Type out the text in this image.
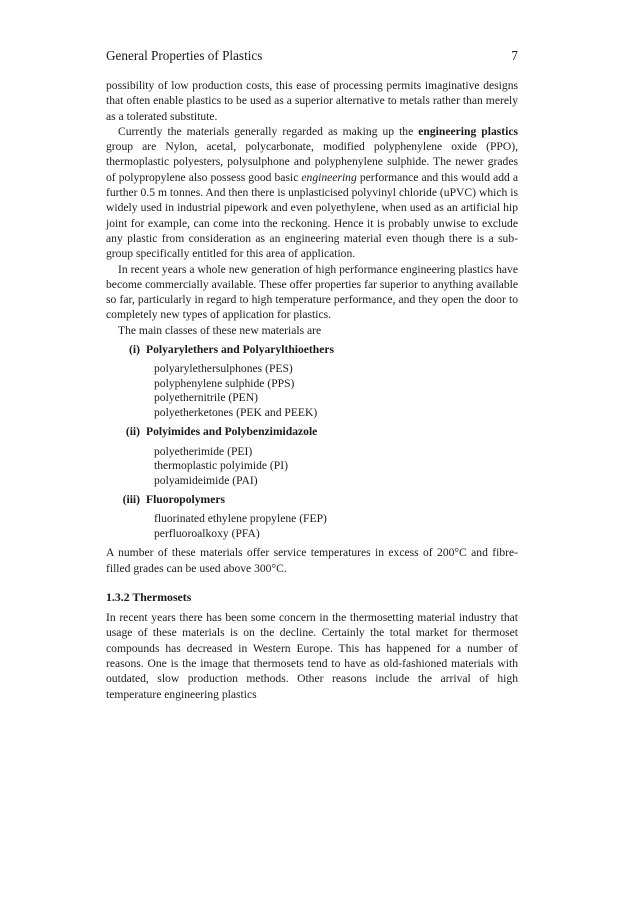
General Properties of Plastics	7

possibility of low production costs, this ease of processing permits imaginative designs that often enable plastics to be used as a superior alternative to metals rather than merely as a tolerated substitute.

Currently the materials generally regarded as making up the engineering plastics group are Nylon, acetal, polycarbonate, modified polyphenylene oxide (PPO), thermoplastic polyesters, polysulphone and polyphenylene sulphide. The newer grades of polypropylene also possess good basic engineering performance and this would add a further 0.5 m tonnes. And then there is unplasticised polyvinyl chloride (uPVC) which is widely used in industrial pipework and even polyethylene, when used as an artificial hip joint for example, can come into the reckoning. Hence it is probably unwise to exclude any plastic from consideration as an engineering material even though there is a sub-group specifically entitled for this area of application.

In recent years a whole new generation of high performance engineering plastics have become commercially available. These offer properties far superior to anything available so far, particularly in regard to high temperature performance, and they open the door to completely new types of application for plastics.

The main classes of these new materials are
(i) Polyarylethers and Polyarylthioethers
polyarylethersulphones (PES)
polyphenylene sulphide (PPS)
polyethernitrile (PEN)
polyetherketones (PEK and PEEK)
(ii) Polyimides and Polybenzimidazole
polyetherimide (PEI)
thermoplastic polyimide (PI)
polyamideimide (PAI)
(iii) Fluoropolymers
fluorinated ethylene propylene (FEP)
perfluoroalkoxy (PFA)

A number of these materials offer service temperatures in excess of 200°C and fibre-filled grades can be used above 300°C.

1.3.2 Thermosets

In recent years there has been some concern in the thermosetting material industry that usage of these materials is on the decline. Certainly the total market for thermoset compounds has decreased in Western Europe. This has happened for a number of reasons. One is the image that thermosets tend to have as old-fashioned materials with outdated, slow production methods. Other reasons include the arrival of high temperature engineering plastics
